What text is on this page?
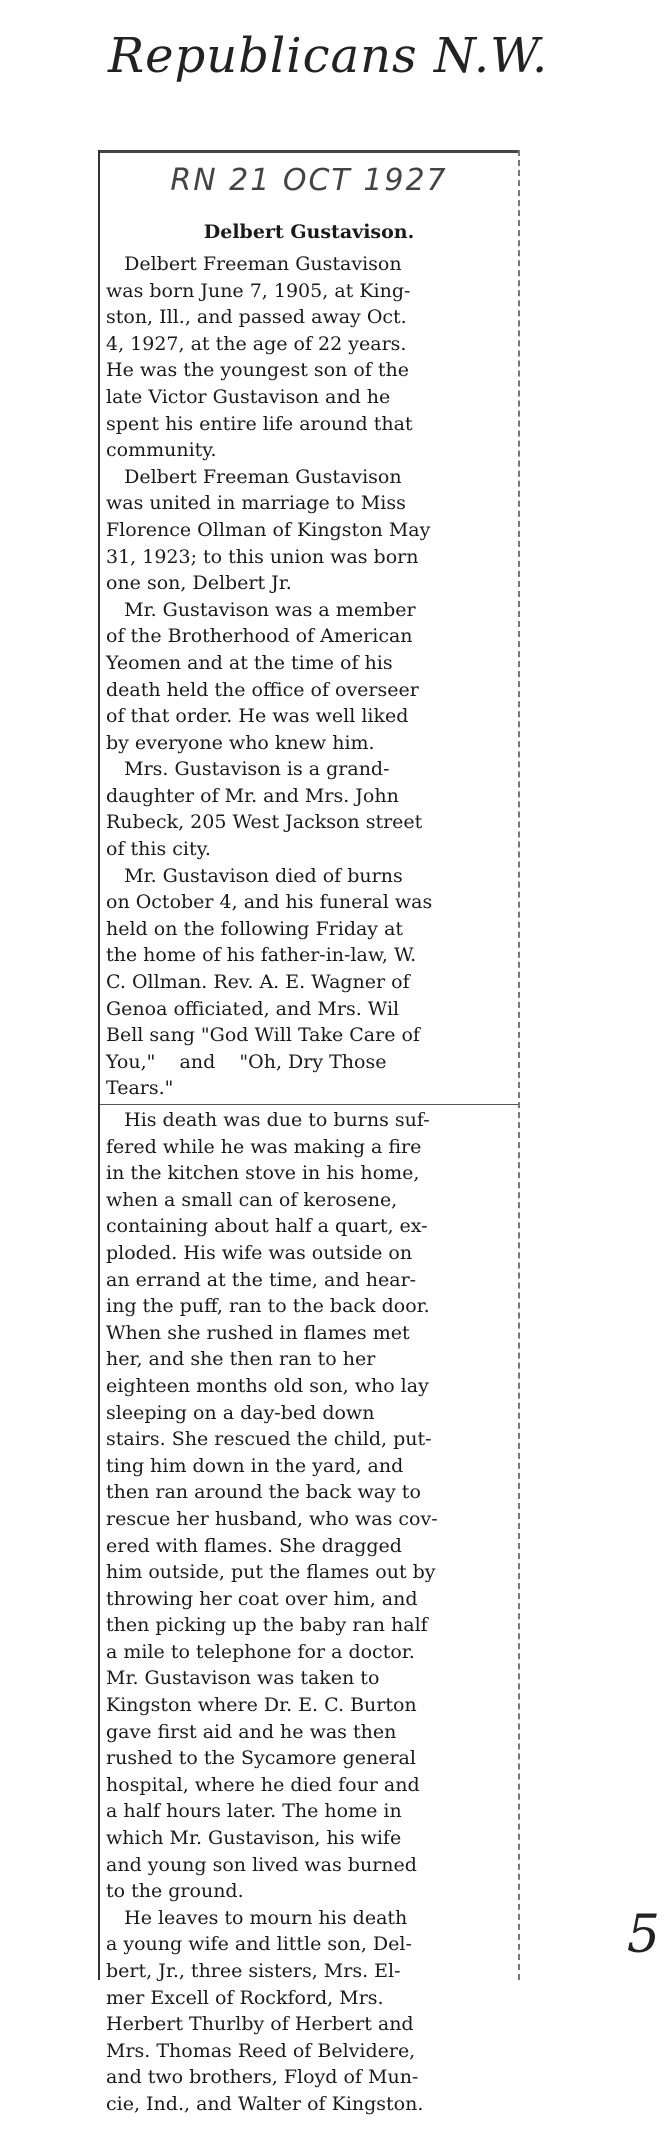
Republicans N.W.
RN 21 OCT 1927
Delbert Gustavison.
Delbert Freeman Gustavison
was born June 7, 1905, at King-
ston, Ill., and passed away Oct.
4, 1927, at the age of 22 years.
He was the youngest son of the
late Victor Gustavison and he
spent his entire life around that
community.
Delbert Freeman Gustavison
was united in marriage to Miss
Florence Ollman of Kingston May
31, 1923; to this union was born
one son, Delbert Jr.
Mr. Gustavison was a member
of the Brotherhood of American
Yeomen and at the time of his
death held the office of overseer
of that order. He was well liked
by everyone who knew him.
Mrs. Gustavison is a grand-
daughter of Mr. and Mrs. John
Rubeck, 205 West Jackson street
of this city.
Mr. Gustavison died of burns
on October 4, and his funeral was
held on the following Friday at
the home of his father-in-law, W.
C. Ollman. Rev. A. E. Wagner of
Genoa officiated, and Mrs. Wil
Bell sang "God Will Take Care of
You,"    and    "Oh, Dry Those
Tears."
His death was due to burns suf-
fered while he was making a fire
in the kitchen stove in his home,
when a small can of kerosene,
containing about half a quart, ex-
ploded. His wife was outside on
an errand at the time, and hear-
ing the puff, ran to the back door.
When she rushed in flames met
her, and she then ran to her
eighteen months old son, who lay
sleeping on a day-bed down
stairs. She rescued the child, put-
ting him down in the yard, and
then ran around the back way to
rescue her husband, who was cov-
ered with flames. She dragged
him outside, put the flames out by
throwing her coat over him, and
then picking up the baby ran half
a mile to telephone for a doctor.
Mr. Gustavison was taken to
Kingston where Dr. E. C. Burton
gave first aid and he was then
rushed to the Sycamore general
hospital, where he died four and
a half hours later. The home in
which Mr. Gustavison, his wife
and young son lived was burned
to the ground.
He leaves to mourn his death
a young wife and little son, Del-
bert, Jr., three sisters, Mrs. El-
mer Excell of Rockford, Mrs.
Herbert Thurlby of Herbert and
Mrs. Thomas Reed of Belvidere,
and two brothers, Floyd of Mun-
cie, Ind., and Walter of Kingston.
5
